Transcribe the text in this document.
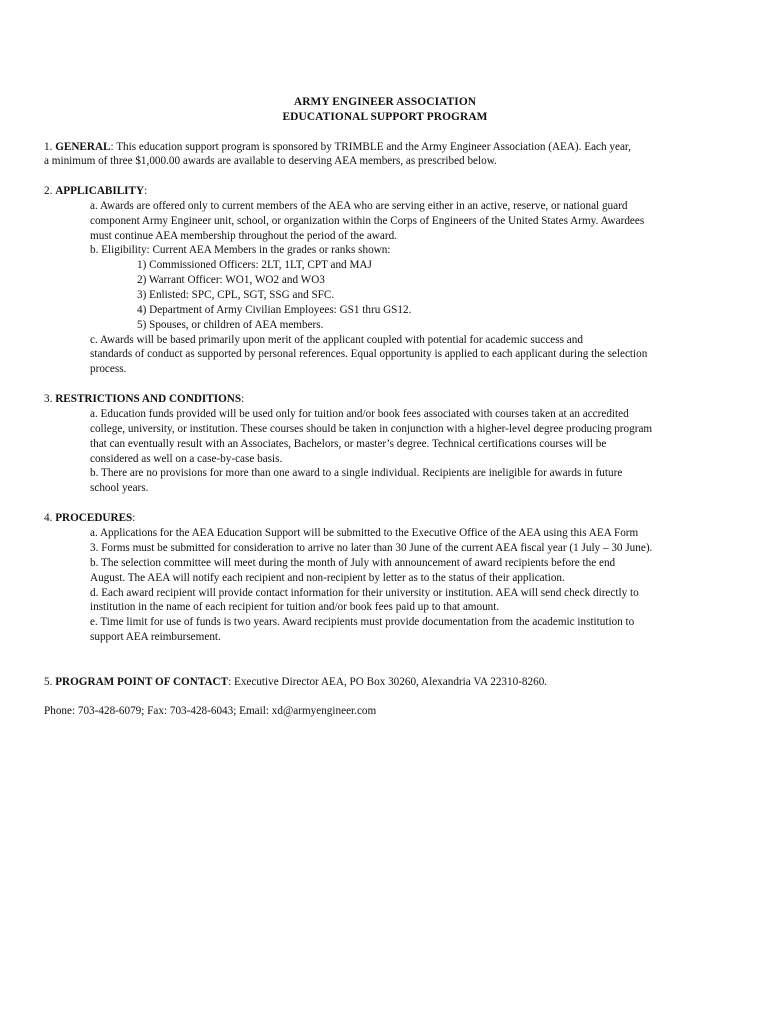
ARMY ENGINEER ASSOCIATION
EDUCATIONAL SUPPORT PROGRAM
1. GENERAL: This education support program is sponsored by TRIMBLE and the Army Engineer Association (AEA). Each year,
a minimum of three $1,000.00 awards are available to deserving AEA members, as prescribed below.
2. APPLICABILITY:
a. Awards are offered only to current members of the AEA who are serving either in an active, reserve, or national guard
component Army Engineer unit, school, or organization within the Corps of Engineers of the United States Army. Awardees
must continue AEA membership throughout the period of the award.
b. Eligibility: Current AEA Members in the grades or ranks shown:
1) Commissioned Officers: 2LT, 1LT, CPT and MAJ
2) Warrant Officer: WO1, WO2 and WO3
3) Enlisted: SPC, CPL, SGT, SSG and SFC.
4) Department of Army Civilian Employees: GS1 thru GS12.
5) Spouses, or children of AEA members.
c. Awards will be based primarily upon merit of the applicant coupled with potential for academic success and
standards of conduct as supported by personal references. Equal opportunity is applied to each applicant during the selection
process.
3. RESTRICTIONS AND CONDITIONS:
a. Education funds provided will be used only for tuition and/or book fees associated with courses taken at an accredited
college, university, or institution. These courses should be taken in conjunction with a higher-level degree producing program
that can eventually result with an Associates, Bachelors, or master’s degree. Technical certifications courses will be
considered as well on a case-by-case basis.
b. There are no provisions for more than one award to a single individual. Recipients are ineligible for awards in future
school years.
4. PROCEDURES:
a. Applications for the AEA Education Support will be submitted to the Executive Office of the AEA using this AEA Form
3. Forms must be submitted for consideration to arrive no later than 30 June of the current AEA fiscal year (1 July – 30 June).
b. The selection committee will meet during the month of July with announcement of award recipients before the end
August. The AEA will notify each recipient and non-recipient by letter as to the status of their application.
d. Each award recipient will provide contact information for their university or institution. AEA will send check directly to
institution in the name of each recipient for tuition and/or book fees paid up to that amount.
e. Time limit for use of funds is two years. Award recipients must provide documentation from the academic institution to
support AEA reimbursement.
5. PROGRAM POINT OF CONTACT: Executive Director AEA, PO Box 30260, Alexandria VA 22310-8260.
Phone: 703-428-6079; Fax: 703-428-6043; Email: xd@armyengineer.com
